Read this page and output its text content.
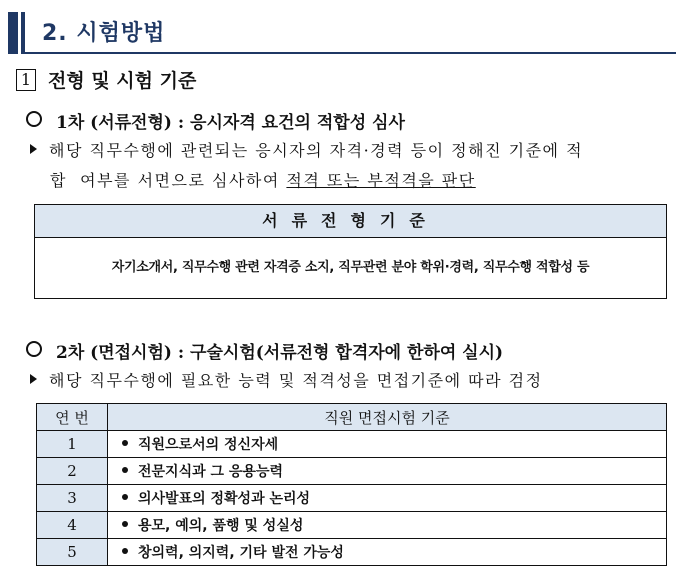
2. 시험방법
1 전형 및 시험 기준
1차 (서류전형) : 응시자격 요건의 적합성 심사
해당 직무수행에 관련되는 응시자의 자격·경력 등이 정해진 기준에 적
합  여부를 서면으로 심사하여 적격 또는 부적격을 판단
서류전형기준
자기소개서, 직무수행 관련 자격증 소지, 직무관련 분야 학위·경력, 직무수행 적합성 등
2차 (면접시험) : 구술시험(서류전형 합격자에 한하여 실시)
해당 직무수행에 필요한 능력 및 적격성을 면접기준에 따라 검정
연 번	직원 면접시험 기준
1	직원으로서의 정신자세
2	전문지식과 그 응용능력
3	의사발표의 정확성과 논리성
4	용모, 예의, 품행 및 성실성
5	창의력, 의지력, 기타 발전 가능성
